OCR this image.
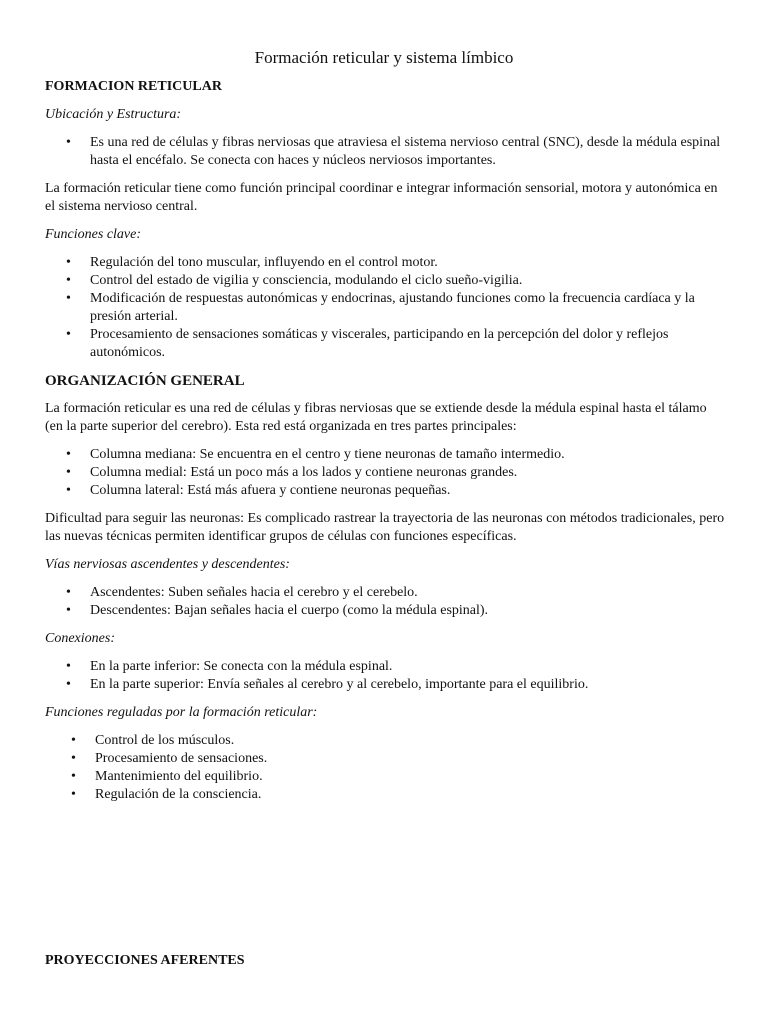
Formación reticular y sistema límbico
FORMACION RETICULAR
Ubicación y Estructura:
• Es una red de células y fibras nerviosas que atraviesa el sistema nervioso central (SNC), desde la médula espinal hasta el encéfalo. Se conecta con haces y núcleos nerviosos importantes.

La formación reticular tiene como función principal coordinar e integrar información sensorial, motora y autonómica en el sistema nervioso central.

Funciones clave:
• Regulación del tono muscular, influyendo en el control motor.
• Control del estado de vigilia y consciencia, modulando el ciclo sueño-vigilia.
• Modificación de respuestas autonómicas y endocrinas, ajustando funciones como la frecuencia cardíaca y la presión arterial.
• Procesamiento de sensaciones somáticas y viscerales, participando en la percepción del dolor y reflejos autonómicos.
ORGANIZACIÓN GENERAL

La formación reticular es una red de células y fibras nerviosas que se extiende desde la médula espinal hasta el tálamo (en la parte superior del cerebro). Esta red está organizada en tres partes principales:

• Columna mediana: Se encuentra en el centro y tiene neuronas de tamaño intermedio.
• Columna medial: Está un poco más a los lados y contiene neuronas grandes.
• Columna lateral: Está más afuera y contiene neuronas pequeñas.

Dificultad para seguir las neuronas: Es complicado rastrear la trayectoria de las neuronas con métodos tradicionales, pero las nuevas técnicas permiten identificar grupos de células con funciones específicas.

Vías nerviosas ascendentes y descendentes:
• Ascendentes: Suben señales hacia el cerebro y el cerebelo.
• Descendentes: Bajan señales hacia el cuerpo (como la médula espinal).
Conexiones:
• En la parte inferior: Se conecta con la médula espinal.
• En la parte superior: Envía señales al cerebro y al cerebelo, importante para el equilibrio.
Funciones reguladas por la formación reticular:
• Control de los músculos.
• Procesamiento de sensaciones.
• Mantenimiento del equilibrio.
• Regulación de la consciencia.
PROYECCIONES AFERENTES
